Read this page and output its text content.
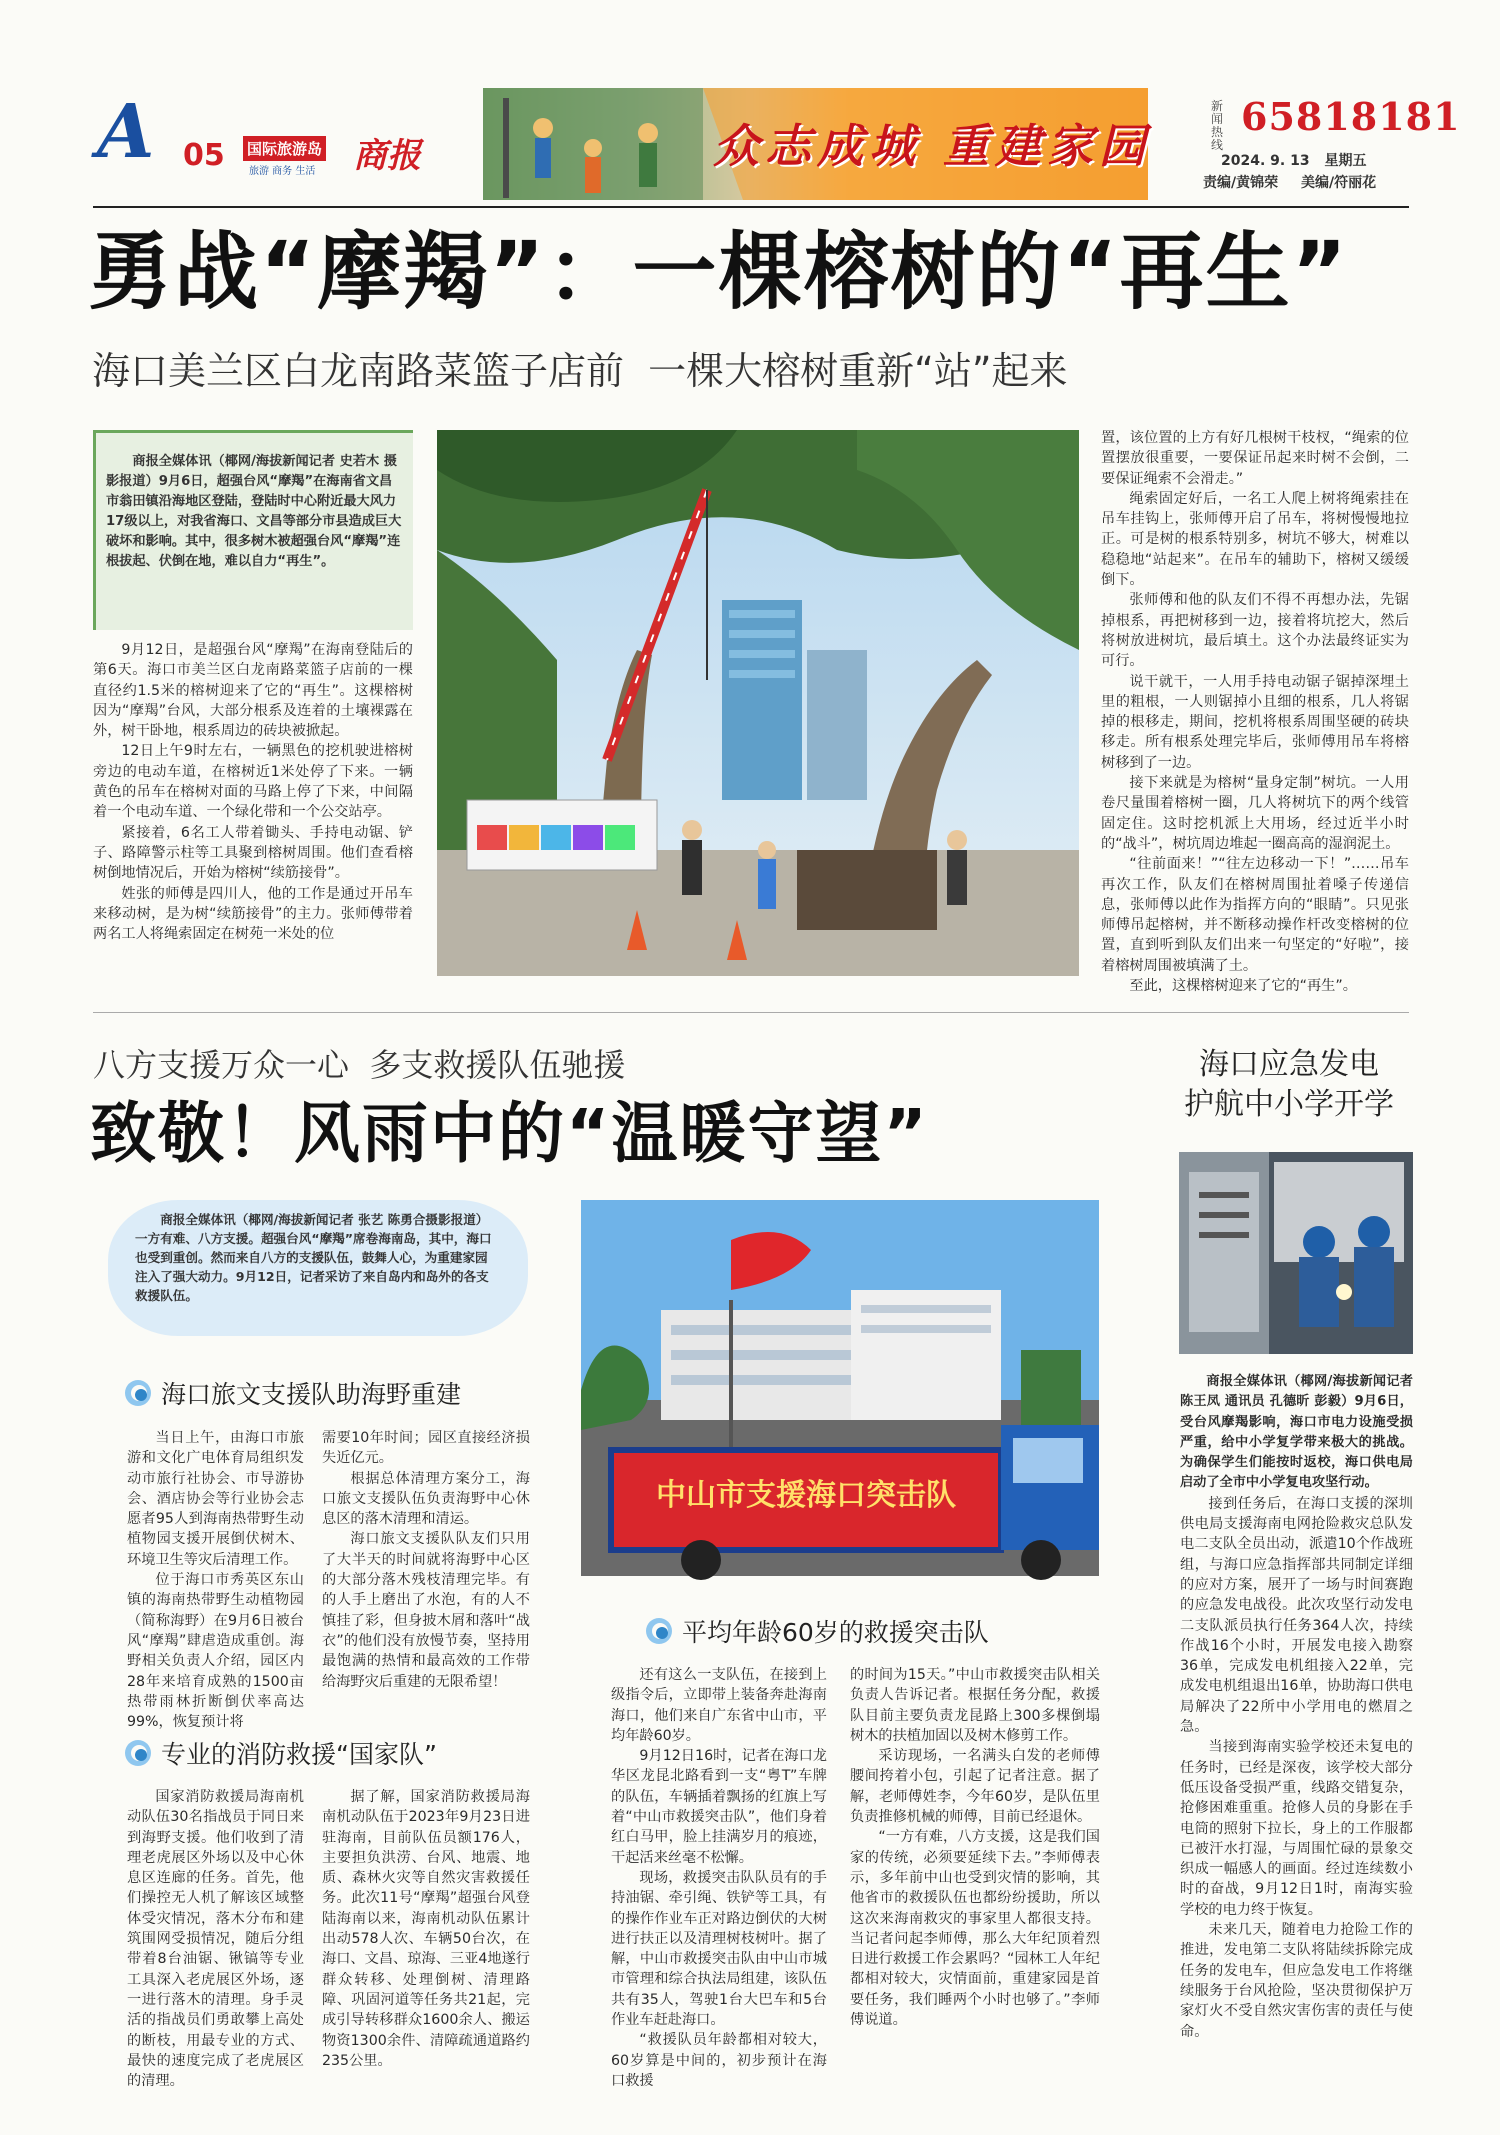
A 05 国际旅游岛 商报
旅游 商务 生活	众志成城 重建家园
新闻热线
65818181
2024. 9. 13 星期五
责编/黄锦荣 美编/符丽花
勇战“摩羯”：一棵榕树的“再生”
海口美兰区白龙南路菜篮子店前  一棵大榕树重新“站”起来

商报全媒体讯（椰网/海拔新闻记者 史若木 摄影报道）9月6日，超强台风“摩羯”在海南省文昌市翁田镇沿海地区登陆，登陆时中心附近最大风力17级以上，对我省海口、文昌等部分市县造成巨大破坏和影响。其中，很多树木被超强台风“摩羯”连根拔起、伏倒在地，难以自力“再生”。

9月12日，是超强台风“摩羯”在海南登陆后的第6天。海口市美兰区白龙南路菜篮子店前的一棵直径约1.5米的榕树迎来了它的“再生”。这棵榕树因为“摩羯”台风，大部分根系及连着的土壤裸露在外，树干卧地，根系周边的砖块被掀起。

12日上午9时左右，一辆黑色的挖机驶进榕树旁边的电动车道，在榕树近1米处停了下来。一辆黄色的吊车在榕树对面的马路上停了下来，中间隔着一个电动车道、一个绿化带和一个公交站亭。

紧接着，6名工人带着锄头、手持电动锯、铲子、路障警示柱等工具聚到榕树周围。他们查看榕树倒地情况后，开始为榕树“续筋接骨”。

姓张的师傅是四川人，他的工作是通过开吊车来移动树，是为树“续筋接骨”的主力。张师傅带着两名工人将绳索固定在树苑一米处的位

置，该位置的上方有好几根树干枝杈，“绳索的位置摆放很重要，一要保证吊起来时树不会倒，二要保证绳索不会滑走。”

绳索固定好后，一名工人爬上树将绳索挂在吊车挂钩上，张师傅开启了吊车，将树慢慢地拉正。可是树的根系特别多，树坑不够大，树难以稳稳地“站起来”。在吊车的辅助下，榕树又缓缓倒下。

张师傅和他的队友们不得不再想办法，先锯掉根系，再把树移到一边，接着将坑挖大，然后将树放进树坑，最后填土。这个办法最终证实为可行。

说干就干，一人用手持电动锯子锯掉深埋土里的粗根，一人则锯掉小且细的根系，几人将锯掉的根移走，期间，挖机将根系周围坚硬的砖块移走。所有根系处理完毕后，张师傅用吊车将榕树移到了一边。

接下来就是为榕树“量身定制”树坑。一人用卷尺量围着榕树一圈，几人将树坑下的两个线管固定住。这时挖机派上大用场，经过近半小时的“战斗”，树坑周边堆起一圈高高的湿润泥土。

“往前面来！”“往左边移动一下！”……吊车再次工作，队友们在榕树周围扯着嗓子传递信息，张师傅以此作为指挥方向的“眼睛”。只见张师傅吊起榕树，并不断移动操作杆改变榕树的位置，直到听到队友们出来一句坚定的“好啦”，接着榕树周围被填满了土。

至此，这棵榕树迎来了它的“再生”。

八方支援万众一心  多支救援队伍驰援
致敬！风雨中的“温暖守望”

商报全媒体讯（椰网/海拔新闻记者 张艺 陈勇合摄影报道）一方有难、八方支援。超强台风“摩羯”席卷海南岛，其中，海口也受到重创。然而来自八方的支援队伍，鼓舞人心，为重建家园注入了强大动力。9月12日，记者采访了来自岛内和岛外的各支救援队伍。

海口旅文支援队助海野重建

当日上午，由海口市旅游和文化广电体育局组织发动市旅行社协会、市导游协会、酒店协会等行业协会志愿者95人到海南热带野生动植物园支援开展倒伏树木、环境卫生等灾后清理工作。

位于海口市秀英区东山镇的海南热带野生动植物园（简称海野）在9月6日被台风“摩羯”肆虐造成重创。海野相关负责人介绍，园区内28年来培育成熟的1500亩热带雨林折断倒伏率高达99%，恢复预计将

需要10年时间；园区直接经济损失近亿元。

根据总体清理方案分工，海口旅文支援队伍负责海野中心休息区的落木清理和清运。

海口旅文支援队队友们只用了大半天的时间就将海野中心区的大部分落木残枝清理完毕。有的人手上磨出了水泡，有的人不慎挂了彩，但身披木屑和落叶“战衣”的他们没有放慢节奏，坚持用最饱满的热情和最高效的工作带给海野灾后重建的无限希望！

专业的消防救援“国家队”

国家消防救援局海南机动队伍30名指战员于同日来到海野支援。他们收到了清理老虎展区外场以及中心休息区连廊的任务。首先，他们操控无人机了解该区域整体受灾情况，落木分布和建筑围网受损情况，随后分组带着8台油锯、锹镐等专业工具深入老虎展区外场，逐一进行落木的清理。身手灵活的指战员们勇敢攀上高处的断枝，用最专业的方式、最快的速度完成了老虎展区的清理。

据了解，国家消防救援局海南机动队伍于2023年9月23日进驻海南，目前队伍员额176人，主要担负洪涝、台风、地震、地质、森林火灾等自然灾害救援任务。此次11号“摩羯”超强台风登陆海南以来，海南机动队伍累计出动578人次、车辆50台次，在海口、文昌、琼海、三亚4地遂行群众转移、处理倒树、清理路障、巩固河道等任务共21起，完成引导转移群众1600余人、搬运物资1300余件、清障疏通道路约235公里。

中山市支援海口突击队
平均年龄60岁的救援突击队

还有这么一支队伍，在接到上级指令后，立即带上装备奔赴海南海口，他们来自广东省中山市，平均年龄60岁。

9月12日16时，记者在海口龙华区龙昆北路看到一支“粤T”车牌的队伍，车辆插着飘扬的红旗上写着“中山市救援突击队”，他们身着红白马甲，脸上挂满岁月的痕迹，干起活来丝毫不松懈。

现场，救援突击队队员有的手持油锯、牵引绳、铁铲等工具，有的操作作业车正对路边倒伏的大树进行扶正以及清理树枝树叶。据了解，中山市救援突击队由中山市城市管理和综合执法局组建，该队伍共有35人，驾驶1台大巴车和5台作业车赶赴海口。

“救援队员年龄都相对较大，60岁算是中间的，初步预计在海口救援

的时间为15天。”中山市救援突击队相关负责人告诉记者。根据任务分配，救援队目前主要负责龙昆路上300多棵倒塌树木的扶植加固以及树木修剪工作。

采访现场，一名满头白发的老师傅腰间挎着小包，引起了记者注意。据了解，老师傅姓李，今年60岁，是队伍里负责推修机械的师傅，目前已经退休。

“一方有难，八方支援，这是我们国家的传统，必须要延续下去。”李师傅表示，多年前中山也受到灾情的影响，其他省市的救援队伍也都纷纷援助，所以这次来海南救灾的事家里人都很支持。当记者问起李师傅，那么大年纪顶着烈日进行救援工作会累吗？“园林工人年纪都相对较大，灾情面前，重建家园是首要任务，我们睡两个小时也够了。”李师傅说道。

海口应急发电
护航中小学开学

商报全媒体讯（椰网/海拔新闻记者 陈王凤 通讯员 孔德昕 彭毅）9月6日，受台风摩羯影响，海口市电力设施受损严重，给中小学复学带来极大的挑战。为确保学生们能按时返校，海口供电局启动了全市中小学复电攻坚行动。

接到任务后，在海口支援的深圳供电局支援海南电网抢险救灾总队发电二支队全员出动，派遣10个作战班组，与海口应急指挥部共同制定详细的应对方案，展开了一场与时间赛跑的应急发电战役。此次攻坚行动发电二支队派员执行任务364人次，持续作战16个小时，开展发电接入勘察36单，完成发电机组接入22单，完成发电机组退出16单，协助海口供电局解决了22所中小学用电的燃眉之急。

当接到海南实验学校还未复电的任务时，已经是深夜，该学校大部分低压设备受损严重，线路交错复杂，抢修困难重重。抢修人员的身影在手电筒的照射下拉长，身上的工作服都已被汗水打湿，与周围忙碌的景象交织成一幅感人的画面。经过连续数小时的奋战，9月12日1时，南海实验学校的电力终于恢复。

未来几天，随着电力抢险工作的推进，发电第二支队将陆续拆除完成任务的发电车，但应急发电工作将继续服务于台风抢险，坚决贯彻保护万家灯火不受自然灾害伤害的责任与使命。
